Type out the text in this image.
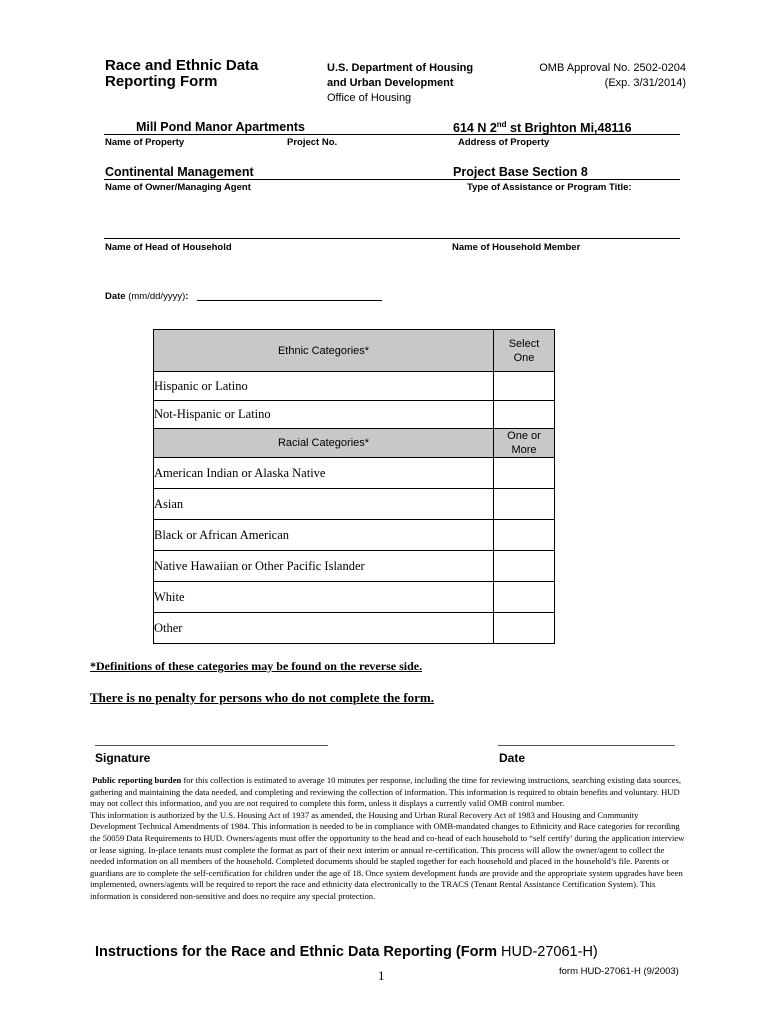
Race and Ethnic Data
Reporting Form
U.S. Department of Housing
and Urban Development
Office of Housing
OMB Approval No. 2502-0204
(Exp. 3/31/2014)
Mill Pond Manor Apartments	614 N 2nd st Brighton Mi,48116
Name of Property	Project No.	Address of Property
Continental Management	Project Base Section 8
Name of Owner/Managing Agent	Type of Assistance or Program Title:
Name of Head of Household	Name of Household Member
Date (mm/dd/yyyy):
Ethnic Categories*	Select
One

Hispanic or Latino	
Not-Hispanic or Latino	
Racial Categories*	One or
More

American Indian or Alaska Native	
Asian	
Black or African American	
Native Hawaiian or Other Pacific Islander	
White	
Other	
*Definitions of these categories may be found on the reverse side.
There is no penalty for persons who do not complete the form.
Signature	Date

Public reporting burden for this collection is estimated to average 10 minutes per response, including the time for reviewing instructions, searching existing data sources, gathering and maintaining the data needed, and completing and reviewing the collection of information. This information is required to obtain benefits and voluntary. HUD may not collect this information, and you are not required to complete this form, unless it displays a currently valid OMB control number.

This information is authorized by the U.S. Housing Act of 1937 as amended, the Housing and Urban Rural Recovery Act of 1983 and Housing and Community Development Technical Amendments of 1984. This information is needed to be in compliance with OMB-mandated changes to Ethnicity and Race categories for recording the 50059 Data Requirements to HUD. Owners/agents must offer the opportunity to the head and co-head of each household to “self certify’ during the application interview or lease signing. In-place tenants must complete the format as part of their next interim or annual re-certification. This process will allow the owner/agent to collect the needed information on all members of the household. Completed documents should be stapled together for each household and placed in the household’s file. Parents or guardians are to complete the self-certification for children under the age of 18. Once system development funds are provide and the appropriate system upgrades have been implemented, owners/agents will be required to report the race and ethnicity data electronically to the TRACS (Tenant Rental Assistance Certification System). This information is considered non-sensitive and does no require any special protection.

Instructions for the Race and Ethnic Data Reporting (Form HUD-27061-H)
1	form HUD-27061-H (9/2003)
